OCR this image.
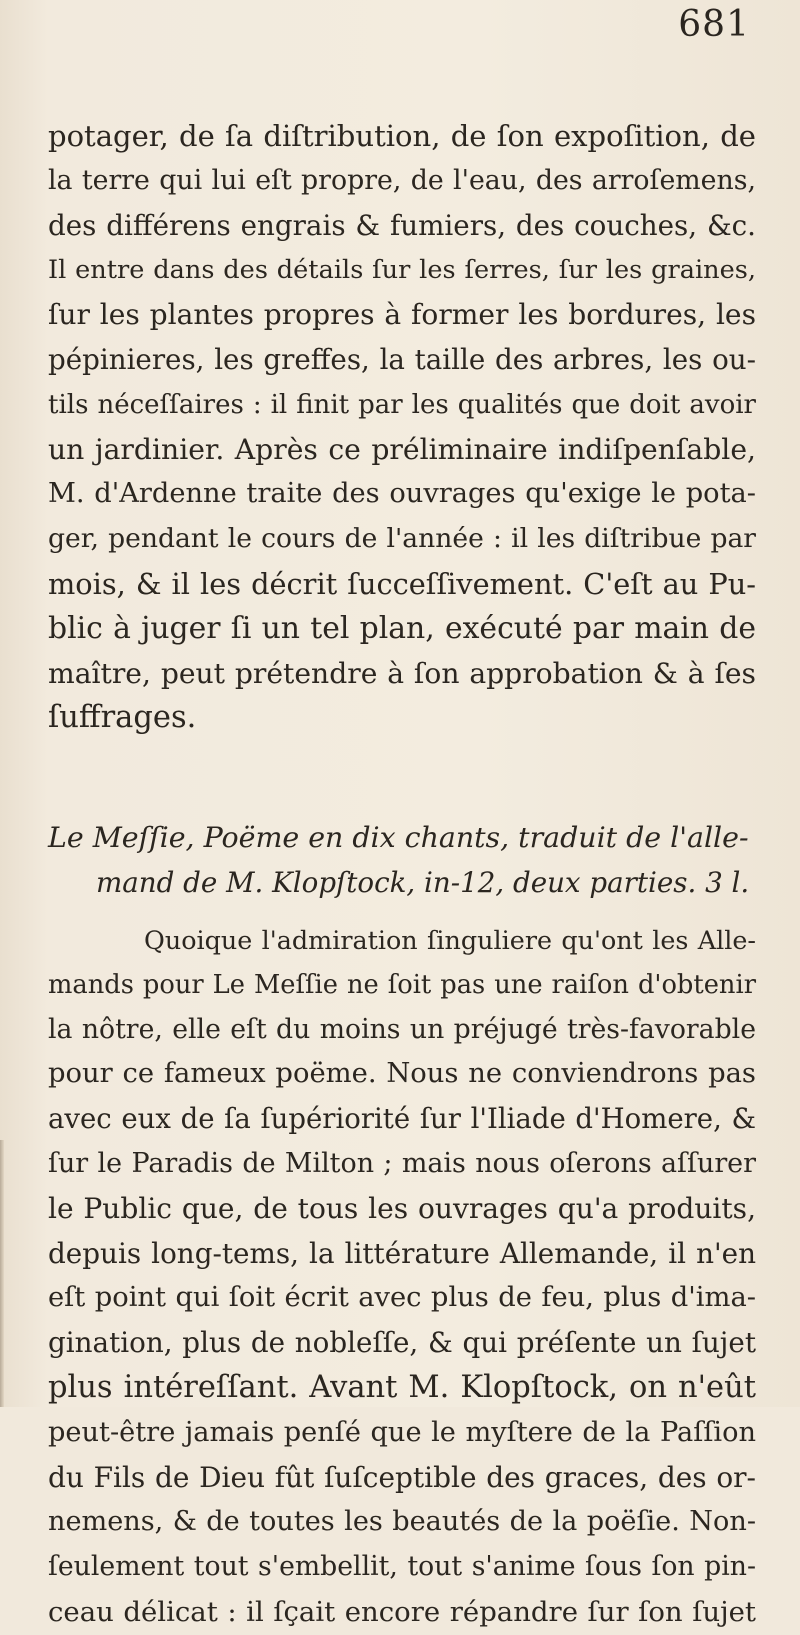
681
potager, de ſa diſtribution, de ſon expoſition, de
la terre qui lui eſt propre, de l'eau, des arroſemens,
des différens engrais & fumiers, des couches, &c.
Il entre dans des détails ſur les ſerres, ſur les graines,
ſur les plantes propres à former les bordures, les
pépinieres, les greffes, la taille des arbres, les ou-
tils néceſſaires : il finit par les qualités que doit avoir
un jardinier. Après ce préliminaire indiſpenſable,
M. d'Ardenne traite des ouvrages qu'exige le pota-
ger, pendant le cours de l'année : il les diſtribue par
mois, & il les décrit ſucceſſivement. C'eſt au Pu-
blic à juger ſi un tel plan, exécuté par main de
maître, peut prétendre à ſon approbation & à ſes
ſuffrages.
Le Meſſie, Poëme en dix chants, traduit de l'alle-
mand de M. Klopſtock, in-12, deux parties. 3 l.
Quoique l'admiration ſinguliere qu'ont les Alle-
mands pour Le Meſſie ne ſoit pas une raiſon d'obtenir
la nôtre, elle eſt du moins un préjugé très-favorable
pour ce fameux poëme. Nous ne conviendrons pas
avec eux de ſa ſupériorité ſur l'Iliade d'Homere, &
ſur le Paradis de Milton ; mais nous oſerons aſſurer
le Public que, de tous les ouvrages qu'a produits,
depuis long-tems, la littérature Allemande, il n'en
eſt point qui ſoit écrit avec plus de feu, plus d'ima-
gination, plus de nobleſſe, & qui préſente un ſujet
plus intéreſſant. Avant M. Klopſtock, on n'eût
peut-être jamais penſé que le myſtere de la Paſſion
du Fils de Dieu fût ſuſceptible des graces, des or-
nemens, & de toutes les beautés de la poëſie. Non-
ſeulement tout s'embellit, tout s'anime ſous ſon pin-
ceau délicat : il ſçait encore répandre ſur ſon ſujet
